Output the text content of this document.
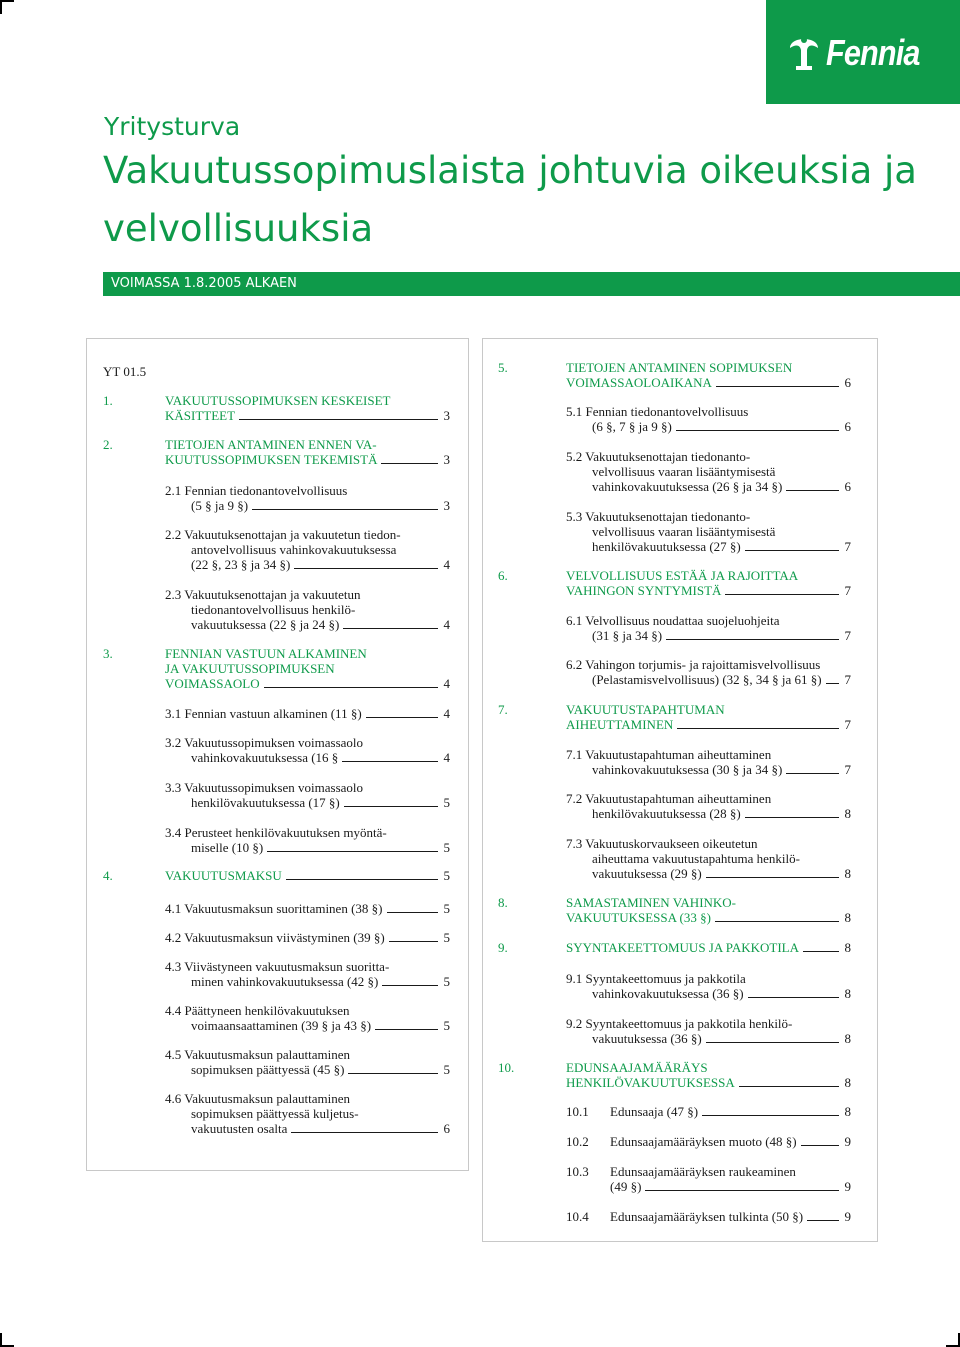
Fennia
Yritysturva
Vakuutussopimuslaista johtuvia oikeuksia ja velvollisuuksia
VOIMASSA 1.8.2005 ALKAEN
YT 01.5
1.	VAKUUTUSSOPIMUKSEN KESKEISET
KÄSITTEET	3
2.	TIETOJEN ANTAMINEN ENNEN VA-
KUUTUSSOPIMUKSEN TEKEMISTÄ	3
2.1 Fennian tiedonantovelvollisuus
(5 § ja 9 §)	3
2.2 Vakuutuksenottajan ja vakuutetun tiedon-
antovelvollisuus vahinkovakuutuksessa
(22 §, 23 § ja 34 §)	4
2.3 Vakuutuksenottajan ja vakuutetun
tiedonantovelvollisuus henkilö-
vakuutuksessa (22 § ja 24 §)	4
3.	FENNIAN VASTUUN ALKAMINEN
JA VAKUUTUSSOPIMUKSEN
VOIMASSAOLO	4
3.1 Fennian vastuun alkaminen (11 §)	4
3.2 Vakuutussopimuksen voimassaolo
vahinkovakuutuksessa (16 §	4
3.3 Vakuutussopimuksen voimassaolo
henkilövakuutuksessa (17 §)	5
3.4 Perusteet henkilövakuutuksen myöntä-
miselle (10 §)	5
4.	VAKUUTUSMAKSU	5
4.1 Vakuutusmaksun suorittaminen (38 §)	5
4.2 Vakuutusmaksun viivästyminen (39 §)	5
4.3 Viivästyneen vakuutusmaksun suoritta-
minen vahinkovakuutuksessa (42 §)	5
4.4 Päättyneen henkilövakuutuksen
voimaansaattaminen (39 § ja 43 §)	5
4.5 Vakuutusmaksun palauttaminen
sopimuksen päättyessä (45 §)	5
4.6 Vakuutusmaksun palauttaminen
sopimuksen päättyessä kuljetus-
vakuutusten osalta	6
5.	TIETOJEN ANTAMINEN SOPIMUKSEN
VOIMASSAOLOAIKANA	6
5.1 Fennian tiedonantovelvollisuus
(6 §, 7 § ja 9 §)	6
5.2 Vakuutuksenottajan tiedonanto-
velvollisuus vaaran lisääntymisestä
vahinkovakuutuksessa (26 § ja 34 §)	6
5.3 Vakuutuksenottajan tiedonanto-
velvollisuus vaaran lisääntymisestä
henkilövakuutuksessa (27 §)	7
6.	VELVOLLISUUS ESTÄÄ JA RAJOITTAA
VAHINGON SYNTYMISTÄ	7
6.1 Velvollisuus noudattaa suojeluohjeita
(31 § ja 34 §)	7
6.2 Vahingon torjumis- ja rajoittamisvelvollisuus
(Pelastamisvelvollisuus) (32 §, 34 § ja 61 §) 7
7.	VAKUUTUSTAPAHTUMAN
AIHEUTTAMINEN	7
7.1 Vakuutustapahtuman aiheuttaminen
vahinkovakuutuksessa (30 § ja 34 §)	7
7.2 Vakuutustapahtuman aiheuttaminen
henkilövakuutuksessa (28 §)	8
7.3 Vakuutuskorvaukseen oikeutetun
aiheuttama vakuutustapahtuma henkilö-
vakuutuksessa (29 §)	8
8.	SAMASTAMINEN VAHINKO-
VAKUUTUKSESSA (33 §)	8
9.	SYYNTAKEETTOMUUS JA PAKKOTILA	8
9.1 Syyntakeettomuus ja pakkotila
vahinkovakuutuksessa (36 §)	8
9.2 Syyntakeettomuus ja pakkotila henkilö-
vakuutuksessa (36 §)	8
10.	EDUNSAAJAMÄÄRÄYS
HENKILÖVAKUUTUKSESSA	8
10.1	Edunsaaja (47 §)	8
10.2	Edunsaajamääräyksen muoto (48 §)	9
10.3	Edunsaajamääräyksen raukeaminen
(49 §)	9
10.4	Edunsaajamääräyksen tulkinta (50 §)	9
